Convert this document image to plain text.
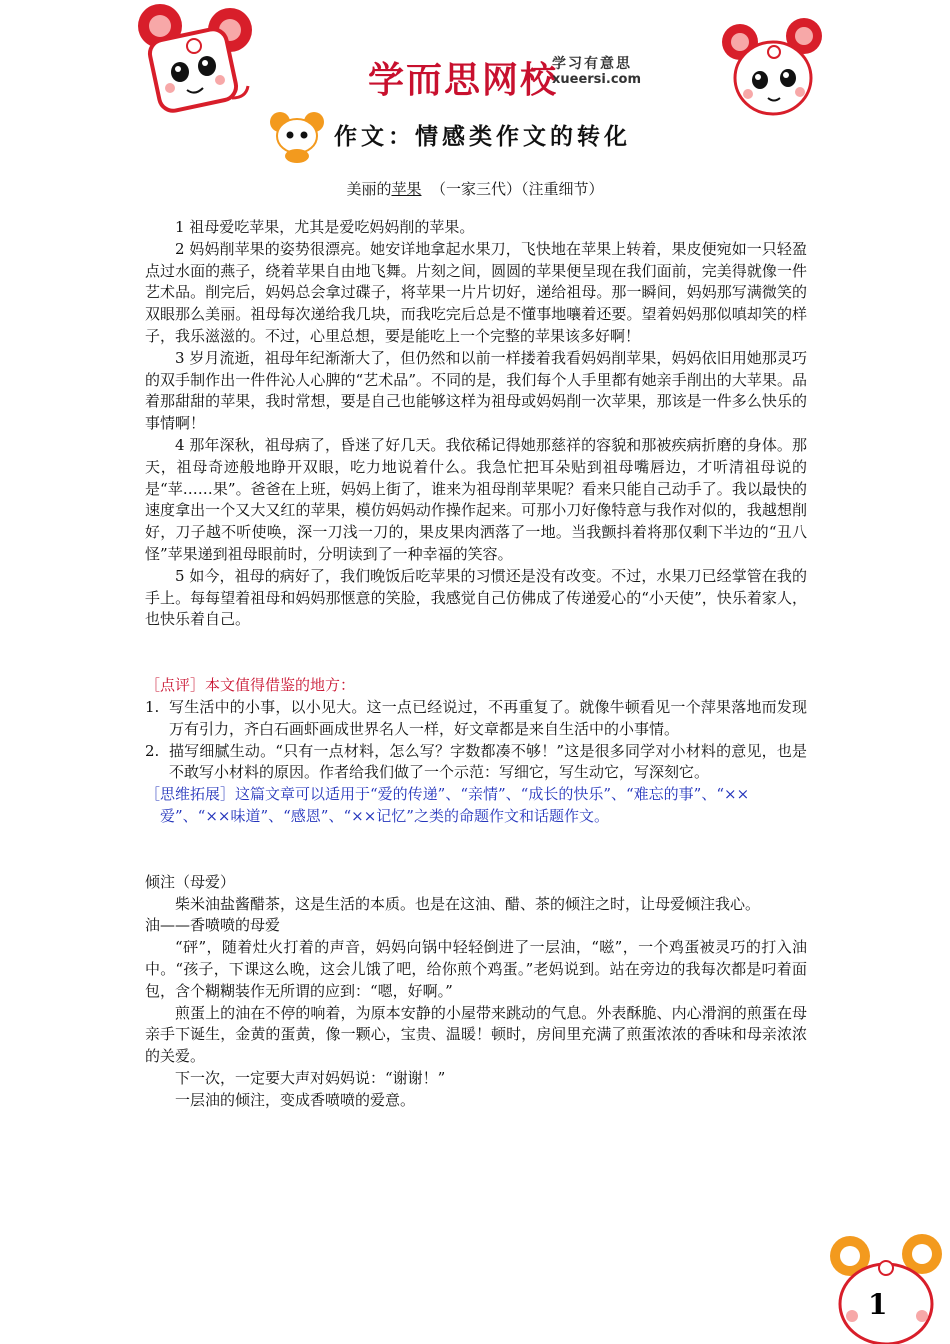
学而思网校
学习有意思
xueersi.com
作文：情感类作文的转化
美丽的苹果 （一家三代）（注重细节）

1 祖母爱吃苹果，尤其是爱吃妈妈削的苹果。

2 妈妈削苹果的姿势很漂亮。她安详地拿起水果刀，飞快地在苹果上转着，果皮便宛如一只轻盈点过水面的燕子，绕着苹果自由地飞舞。片刻之间，圆圆的苹果便呈现在我们面前，完美得就像一件艺术品。削完后，妈妈总会拿过碟子，将苹果一片片切好，递给祖母。那一瞬间，妈妈那写满微笑的双眼那么美丽。祖母每次递给我几块，而我吃完后总是不懂事地嚷着还要。望着妈妈那似嗔却笑的样子，我乐滋滋的。不过，心里总想，要是能吃上一个完整的苹果该多好啊！

3 岁月流逝，祖母年纪渐渐大了，但仍然和以前一样搂着我看妈妈削苹果，妈妈依旧用她那灵巧的双手制作出一件件沁人心脾的“艺术品”。不同的是，我们每个人手里都有她亲手削出的大苹果。品着那甜甜的苹果，我时常想，要是自己也能够这样为祖母或妈妈削一次苹果，那该是一件多么快乐的事情啊！

4 那年深秋，祖母病了，昏迷了好几天。我依稀记得她那慈祥的容貌和那被疾病折磨的身体。那天，祖母奇迹般地睁开双眼，吃力地说着什么。我急忙把耳朵贴到祖母嘴唇边，才听清祖母说的是“苹……果”。爸爸在上班，妈妈上街了，谁来为祖母削苹果呢？看来只能自己动手了。我以最快的速度拿出一个又大又红的苹果，模仿妈妈动作操作起来。可那小刀好像特意与我作对似的，我越想削好，刀子越不听使唤，深一刀浅一刀的，果皮果肉洒落了一地。当我颤抖着将那仅剩下半边的“丑八怪”苹果递到祖母眼前时，分明读到了一种幸福的笑容。

5 如今，祖母的病好了，我们晚饭后吃苹果的习惯还是没有改变。不过，水果刀已经掌管在我的手上。每每望着祖母和妈妈那惬意的笑脸，我感觉自己仿佛成了传递爱心的“小天使”，快乐着家人，也快乐着自己。

［点评］本文值得借鉴的地方：
1. 写生活中的小事，以小见大。这一点已经说过，不再重复了。就像牛顿看见一个萍果落地而发现万有引力，齐白石画虾画成世界名人一样，好文章都是来自生活中的小事情。
2. 描写细腻生动。“只有一点材料，怎么写？字数都凑不够！”这是很多同学对小材料的意见，也是不敢写小材料的原因。作者给我们做了一个示范：写细它，写生动它，写深刻它。
［思维拓展］这篇文章可以适用于“爱的传递”、“亲情”、“成长的快乐”、“难忘的事”、“××爱”、“××味道”、“感恩”、“××记忆”之类的命题作文和话题作文。

倾注（母爱）

柴米油盐酱醋茶，这是生活的本质。也是在这油、醋、茶的倾注之时，让母爱倾注我心。

油——香喷喷的母爱

“砰”，随着灶火打着的声音，妈妈向锅中轻轻倒进了一层油，“嗞”，一个鸡蛋被灵巧的打入油中。“孩子，下课这么晚，这会儿饿了吧，给你煎个鸡蛋。”老妈说到。站在旁边的我每次都是叼着面包，含个糊糊装作无所谓的应到：“嗯，好啊。”

煎蛋上的油在不停的响着，为原本安静的小屋带来跳动的气息。外表酥脆、内心滑润的煎蛋在母亲手下诞生，金黄的蛋黄，像一颗心，宝贵、温暖！顿时，房间里充满了煎蛋浓浓的香味和母亲浓浓的关爱。

下一次，一定要大声对妈妈说：“谢谢！”

一层油的倾注，变成香喷喷的爱意。

1
